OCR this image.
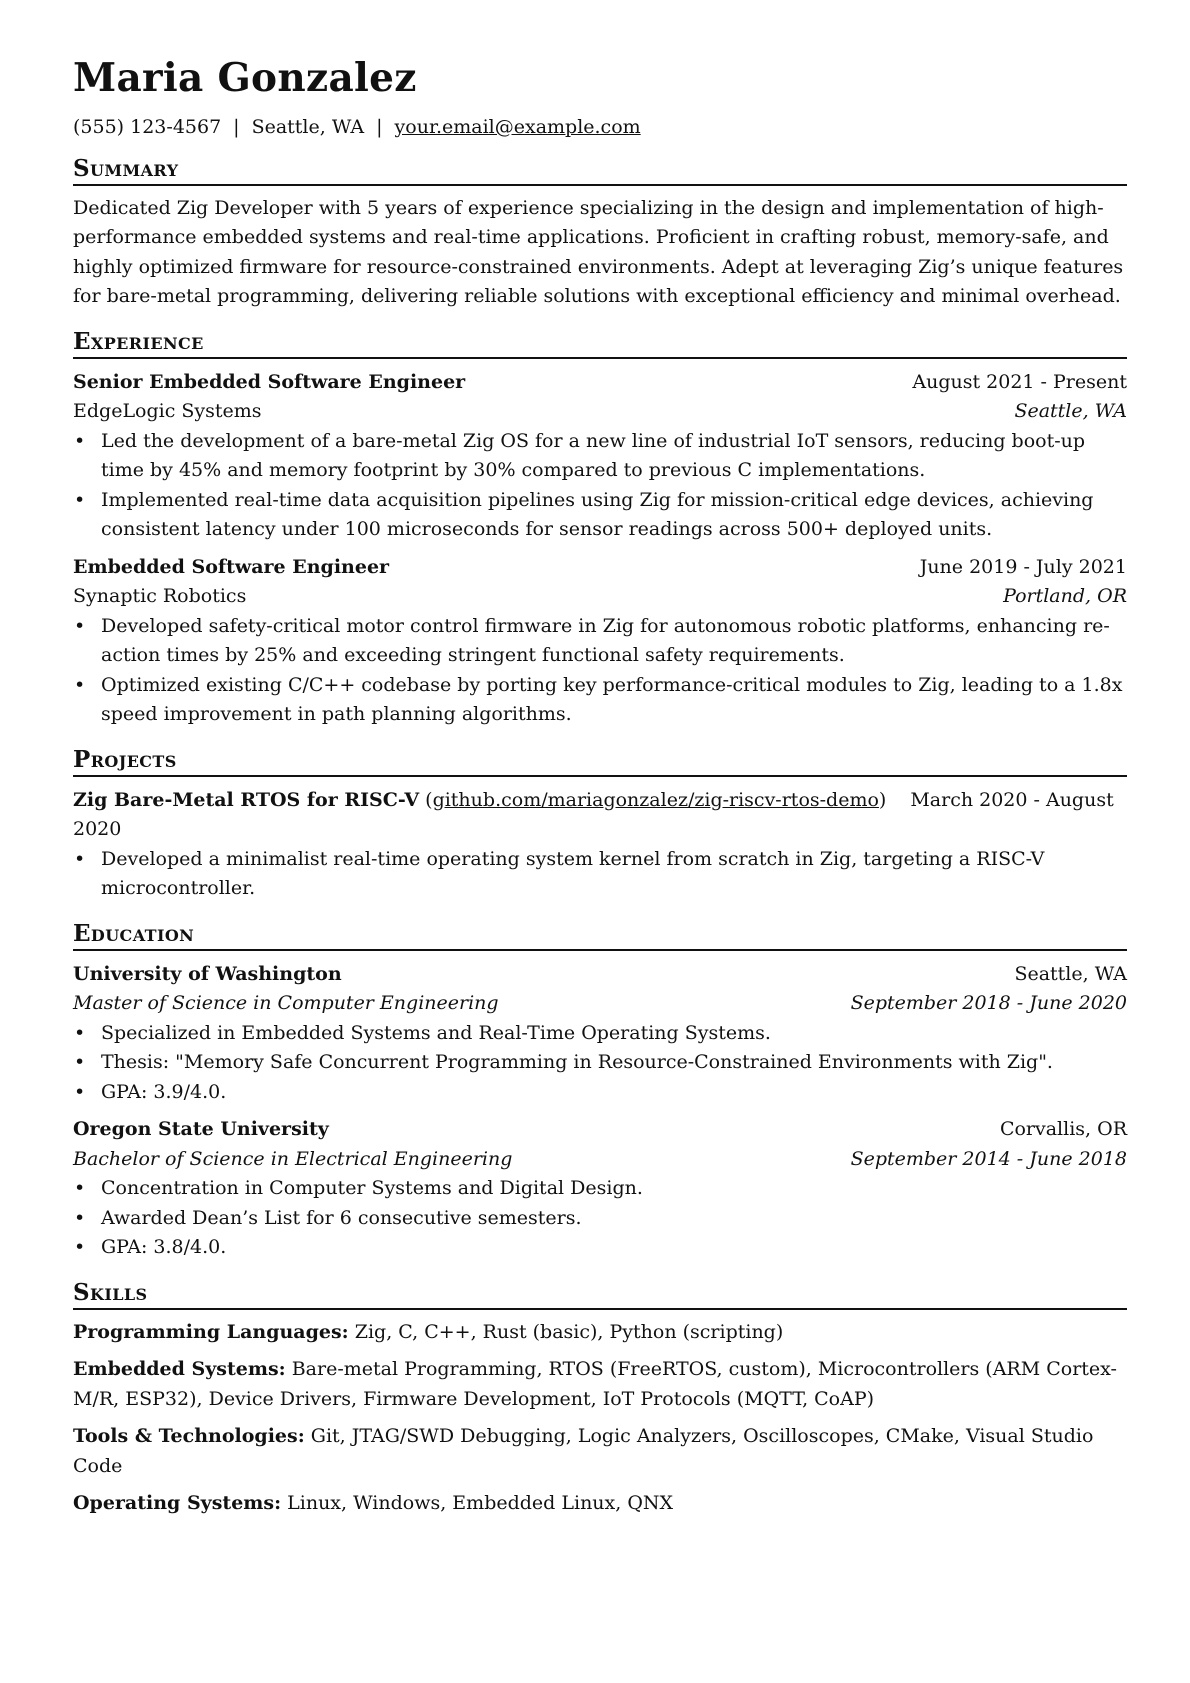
Maria Gonzalez
(555) 123-4567 | Seattle, WA | your.email@example.com
Summary
Dedicated Zig Developer with 5 years of experience specializing in the design and implementation of high-performance embedded systems and real-time applications. Proficient in crafting robust, memory-safe, and highly optimized firmware for resource-constrained environments. Adept at leveraging Zig’s unique features for bare-metal programming, delivering reliable solutions with exceptional efficiency and minimal overhead.
Experience
Senior Embedded Software Engineer	August 2021 - Present
EdgeLogic Systems	Seattle, WA
• Led the development of a bare-metal Zig OS for a new line of industrial IoT sensors, reducing boot-up time by 45% and memory footprint by 30% compared to previous C implementations.
• Implemented real-time data acquisition pipelines using Zig for mission-critical edge devices, achieving consistent latency under 100 microseconds for sensor readings across 500+ deployed units.
Embedded Software Engineer	June 2019 - July 2021
Synaptic Robotics	Portland, OR
• Developed safety-critical motor control firmware in Zig for autonomous robotic platforms, enhancing re-action times by 25% and exceeding stringent functional safety requirements.
• Optimized existing C/C++ codebase by porting key performance-critical modules to Zig, leading to a 1.8x speed improvement in path planning algorithms.
Projects
Zig Bare-Metal RTOS for RISC-V (github.com/mariagonzalez/zig-riscv-rtos-demo) March 2020 - August 2020
• Developed a minimalist real-time operating system kernel from scratch in Zig, targeting a RISC-V microcontroller.
Education
University of Washington	Seattle, WA
Master of Science in Computer Engineering	September 2018 - June 2020
• Specialized in Embedded Systems and Real-Time Operating Systems.
• Thesis: "Memory Safe Concurrent Programming in Resource-Constrained Environments with Zig".
• GPA: 3.9/4.0.
Oregon State University	Corvallis, OR
Bachelor of Science in Electrical Engineering	September 2014 - June 2018
• Concentration in Computer Systems and Digital Design.
• Awarded Dean’s List for 6 consecutive semesters.
• GPA: 3.8/4.0.
Skills
Programming Languages: Zig, C, C++, Rust (basic), Python (scripting)
Embedded Systems: Bare-metal Programming, RTOS (FreeRTOS, custom), Microcontrollers (ARM Cortex-M/R, ESP32), Device Drivers, Firmware Development, IoT Protocols (MQTT, CoAP)
Tools & Technologies: Git, JTAG/SWD Debugging, Logic Analyzers, Oscilloscopes, CMake, Visual Studio Code
Operating Systems: Linux, Windows, Embedded Linux, QNX
